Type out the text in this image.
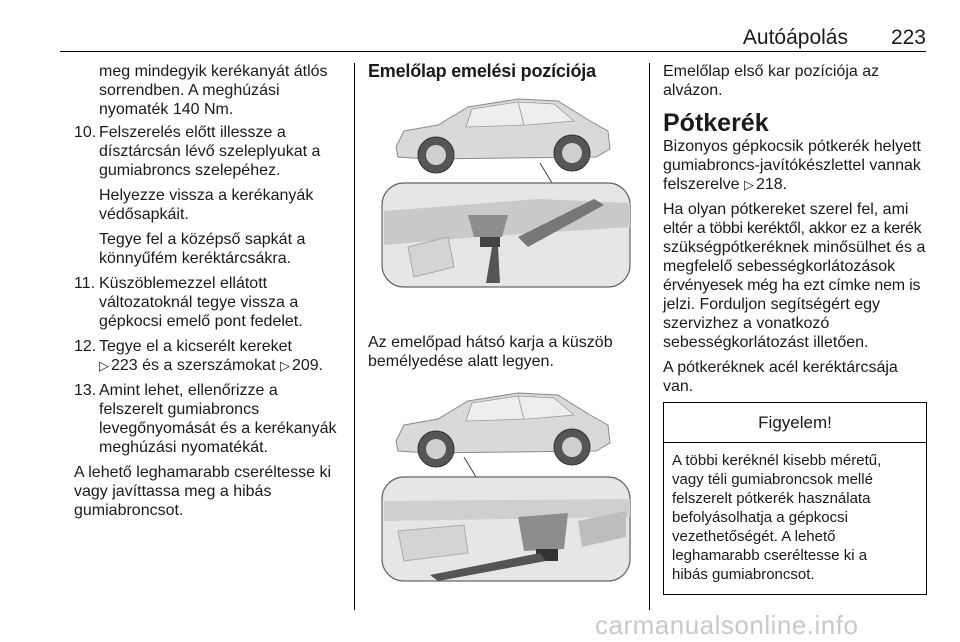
Autóápolás 223
meg mindegyik kerékanyát átlós
sorrendben. A meghúzási
nyomaték 140 Nm.
10. Felszerelés előtt illessze a
dísztárcsán lévő szeleplyukat a
gumiabroncs szelepéhez.
Helyezze vissza a kerékanyák
védősapkáit.
Tegye fel a középső sapkát a
könnyűfém keréktárcsákra.
11. Küszöblemezzel ellátott
változatoknál tegye vissza a
gépkocsi emelő pont fedelet.
12. Tegye el a kicserélt kereket
▷ 223 és a szerszámokat ▷ 209.
13. Amint lehet, ellenőrizze a
felszerelt gumiabroncs
levegőnyomását és a kerékanyák
meghúzási nyomatékát.
A lehető leghamarabb cseréltesse ki
vagy javíttassa meg a hibás
gumiabroncsot.
Emelőlap emelési pozíciója
Az emelőpad hátsó karja a küszöb
bemélyedése alatt legyen.
Emelőlap első kar pozíciója az
alvázon.
Pótkerék
Bizonyos gépkocsik pótkerék helyett
gumiabroncs-javítókészlettel vannak
felszerelve ▷ 218.
Ha olyan pótkereket szerel fel, ami
eltér a többi keréktől, akkor ez a kerék
szükségpótkeréknek minősülhet és a
megfelelő sebességkorlátozások
érvényesek még ha ezt címke nem is
jelzi. Forduljon segítségért egy
szervizhez a vonatkozó
sebességkorlátozást illetően.
A pótkeréknek acél keréktárcsája
van.
Figyelem!
A többi keréknél kisebb méretű,
vagy téli gumiabroncsok mellé
felszerelt pótkerék használata
befolyásolhatja a gépkocsi
vezethetőségét. A lehető
leghamarabb cseréltesse ki a
hibás gumiabroncsot.
carmanualsonline.info
